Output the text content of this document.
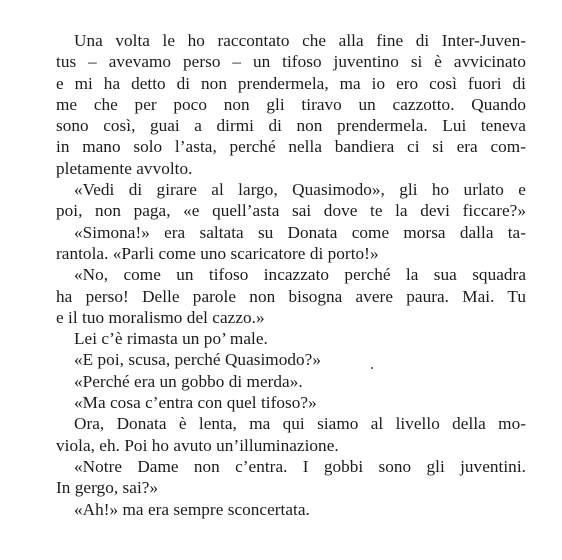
Una volta le ho raccontato che alla fine di Inter-Juven-
tus – avevamo perso – un tifoso juventino si è avvicinato
e mi ha detto di non prendermela, ma io ero così fuori di
me che per poco non gli tiravo un cazzotto. Quando
sono così, guai a dirmi di non prendermela. Lui teneva
in mano solo l’asta, perché nella bandiera ci si era com-
pletamente avvolto.
«Vedi di girare al largo, Quasimodo», gli ho urlato e
poi, non paga, «e quell’asta sai dove te la devi ficcare?»
«Simona!» era saltata su Donata come morsa dalla ta-
rantola. «Parli come uno scaricatore di porto!»
«No, come un tifoso incazzato perché la sua squadra
ha perso! Delle parole non bisogna avere paura. Mai. Tu
e il tuo moralismo del cazzo.»
Lei c’è rimasta un po’ male.
«E poi, scusa, perché Quasimodo?»
«Perché era un gobbo di merda».
«Ma cosa c’entra con quel tifoso?»
Ora, Donata è lenta, ma qui siamo al livello della mo-
viola, eh. Poi ho avuto un’illuminazione.
«Notre Dame non c’entra. I gobbi sono gli juventini.
In gergo, sai?»
«Ah!» ma era sempre sconcertata.
